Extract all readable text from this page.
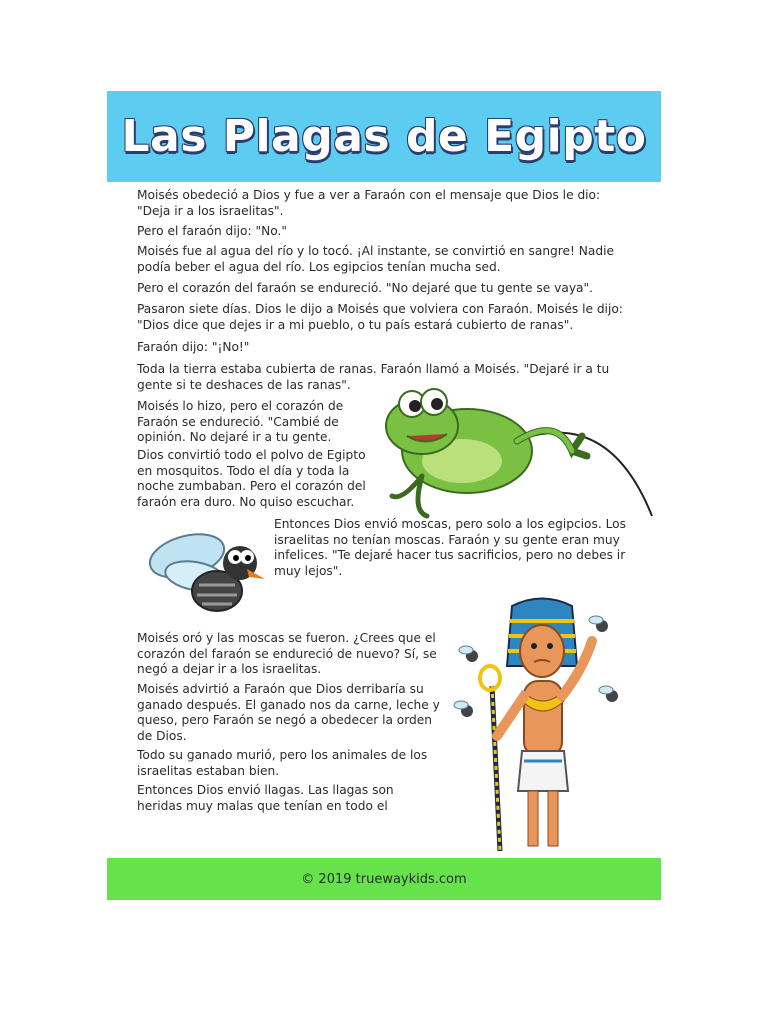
Las Plagas de Egipto

Moisés obedeció a Dios y fue a ver a Faraón con el mensaje que Dios le dio: "Deja ir a los israelitas".

Pero el faraón dijo: "No."

Moisés fue al agua del río y lo tocó. ¡Al instante, se convirtió en sangre! Nadie podía beber el agua del río. Los egipcios tenían mucha sed.

Pero el corazón del faraón se endureció. "No dejaré que tu gente se vaya".

Pasaron siete días. Dios le dijo a Moisés que volviera con Faraón. Moisés le dijo: "Dios dice que dejes ir a mi pueblo, o tu país estará cubierto de ranas".

Faraón dijo: "¡No!"

Toda la tierra estaba cubierta de ranas. Faraón llamó a Moisés. "Dejaré ir a tu gente si te deshaces de las ranas".

Moisés lo hizo, pero el corazón de Faraón se endureció. "Cambié de opinión. No dejaré ir a tu gente.

Dios convirtió todo el polvo de Egipto en mosquitos. Todo el día y toda la noche zumbaban. Pero el corazón del faraón era duro. No quiso escuchar.

Entonces Dios envió moscas, pero solo a los egipcios. Los israelitas no tenían moscas. Faraón y su gente eran muy infelices. "Te dejaré hacer tus sacrificios, pero no debes ir muy lejos".

Moisés oró y las moscas se fueron. ¿Crees que el corazón del faraón se endureció de nuevo? Sí, se negó a dejar ir a los israelitas.

Moisés advirtió a Faraón que Dios derribaría su ganado después. El ganado nos da carne, leche y queso, pero Faraón se negó a obedecer la orden de Dios.

Todo su ganado murió, pero los animales de los israelitas estaban bien.

Entonces Dios envió llagas. Las llagas son heridas muy malas que tenían en todo el

© 2019 truewaykids.com
